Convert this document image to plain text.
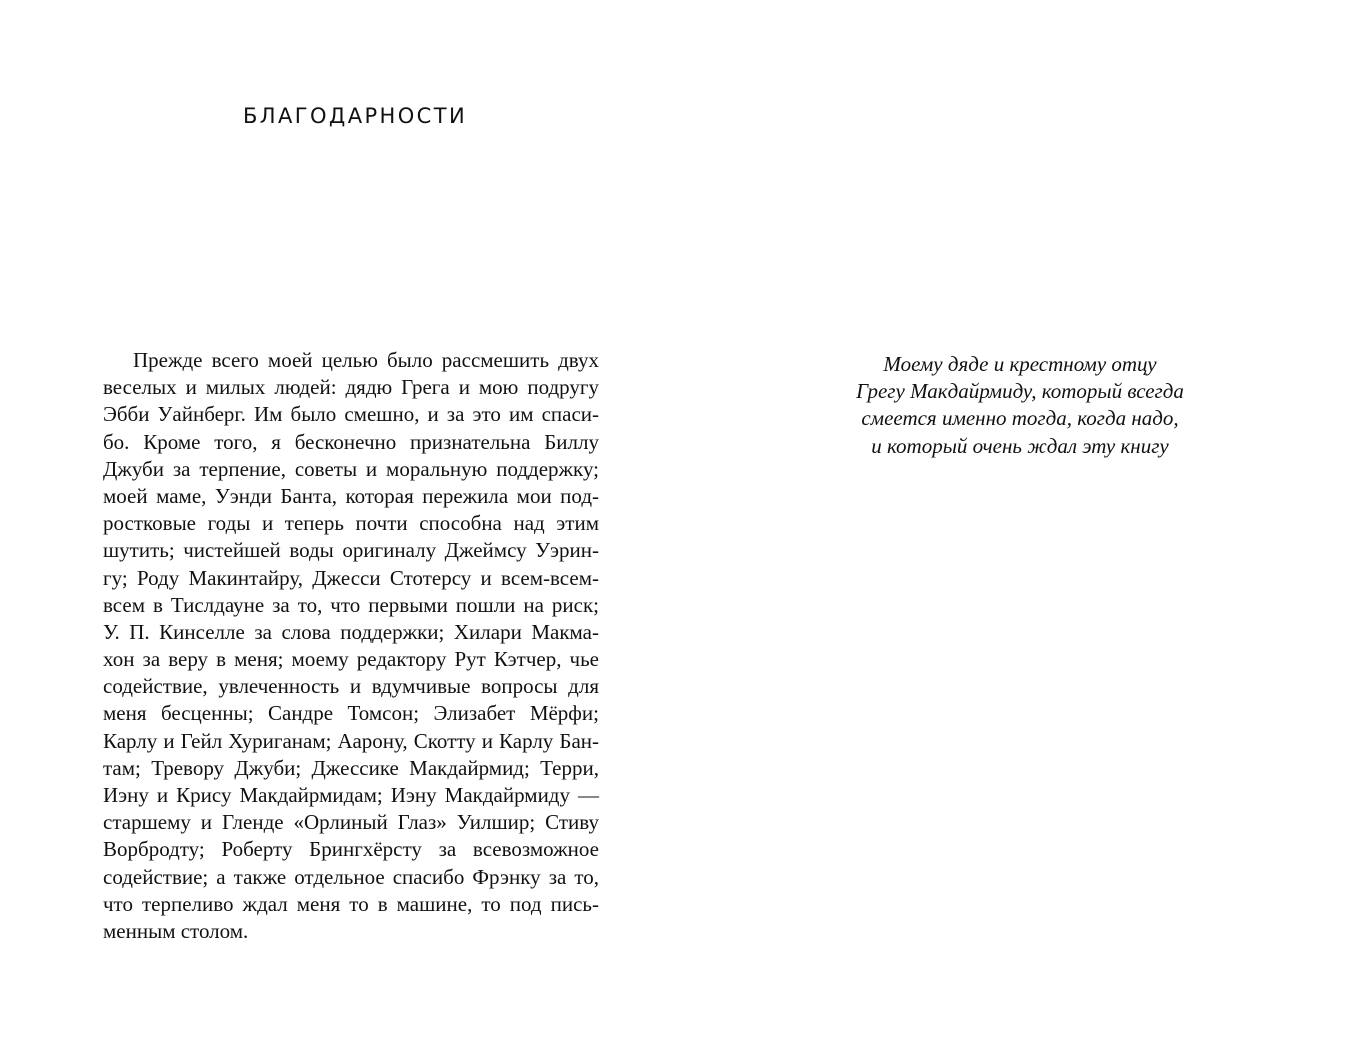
БЛАГОДАРНОСТИ
Прежде всего моей целью было рассмешить двух
веселых и милых людей: дядю Грега и мою подругу
Эбби Уайнберг. Им было смешно, и за это им спаси-
бо. Кроме того, я бесконечно признательна Биллу
Джуби за терпение, советы и моральную поддержку;
моей маме, Уэнди Банта, которая пережила мои под-
ростковые годы и теперь почти способна над этим
шутить; чистейшей воды оригиналу Джеймсу Уэрин-
гу; Роду Макинтайру, Джесси Стотерсу и всем-всем-
всем в Тислдауне за то, что первыми пошли на риск;
У. П. Кинселле за слова поддержки; Хилари Макма-
хон за веру в меня; моему редактору Рут Кэтчер, чье
содействие, увлеченность и вдумчивые вопросы для
меня бесценны; Сандре Томсон; Элизабет Мёрфи;
Карлу и Гейл Хуриганам; Аарону, Скотту и Карлу Бан-
там; Тревору Джуби; Джессике Макдайрмид; Терри,
Иэну и Крису Макдайрмидам; Иэну Макдайрмиду —
старшему и Гленде «Орлиный Глаз» Уилшир; Стиву
Ворбродту; Роберту Брингхёрсту за всевозможное
содействие; а также отдельное спасибо Фрэнку за то,
что терпеливо ждал меня то в машине, то под пись-
менным столом.
Моему дяде и крестному отцу
Грегу Макдайрмиду, который всегда
смеется именно тогда, когда надо,
и который очень ждал эту книгу
